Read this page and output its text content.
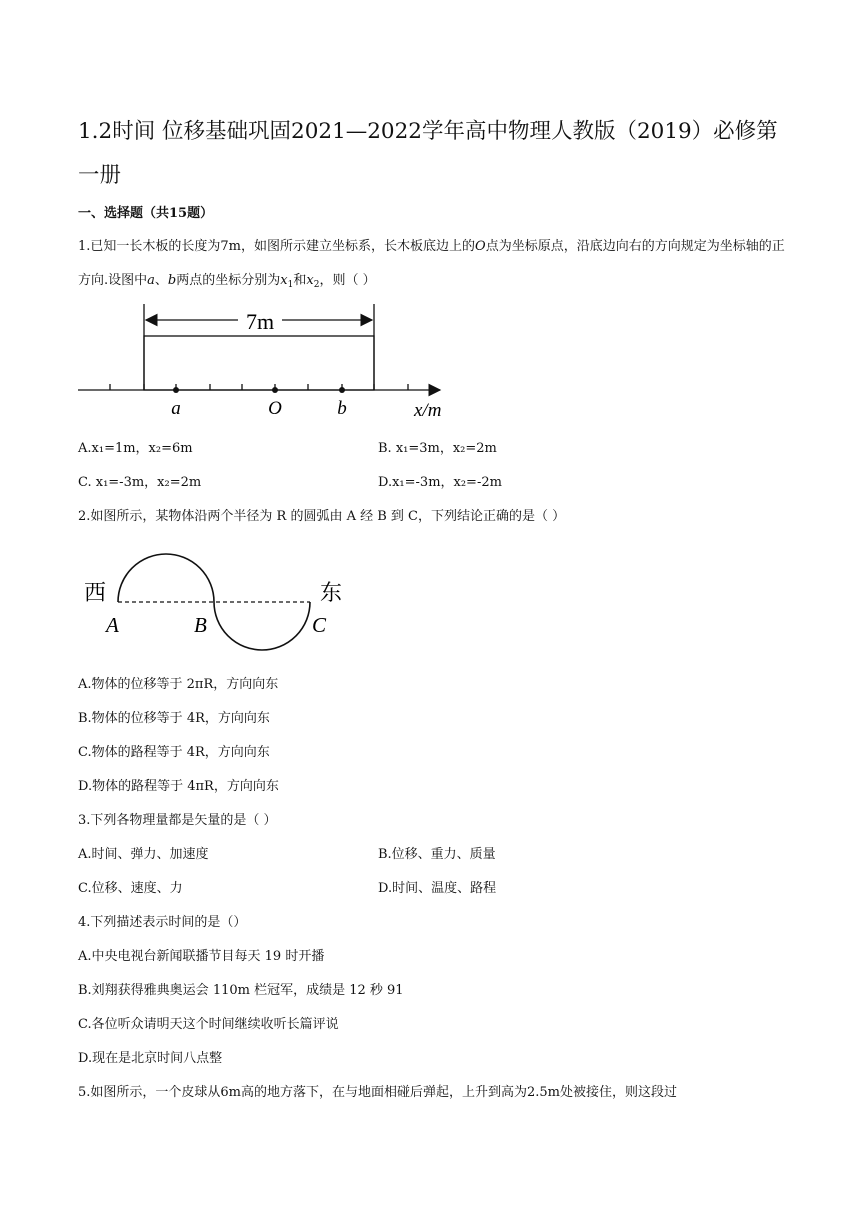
1.2时间 位移基础巩固2021—2022学年高中物理人教版（2019）必修第一册
一、选择题（共15题）
1.已知一长木板的长度为7m，如图所示建立坐标系，长木板底边上的O点为坐标原点，沿底边向右的方向规定为坐标轴的正方向.设图中a、b两点的坐标分别为$x_1$和$x_2$，则（ ）
7m
a	O	b	x/m
A.x₁=1m，x₂=6m	B. x₁=3m，x₂=2m
C. x₁=-3m，x₂=2m	D.x₁=-3m，x₂=-2m
2.如图所示，某物体沿两个半径为 R 的圆弧由 A 经 B 到 C，下列结论正确的是（ ）
西	东
A	B	C
A.物体的位移等于 2πR，方向向东
B.物体的位移等于 4R，方向向东
C.物体的路程等于 4R，方向向东
D.物体的路程等于 4πR，方向向东
3.下列各物理量都是矢量的是（ ）
A.时间、弹力、加速度	B.位移、重力、质量
C.位移、速度、力	D.时间、温度、路程
4.下列描述表示时间的是（）
A.中央电视台新闻联播节目每天 19 时开播
B.刘翔获得雅典奥运会 110m 栏冠军，成绩是 12 秒 91
C.各位听众请明天这个时间继续收听长篇评说
D.现在是北京时间八点整
5.如图所示，一个皮球从6m高的地方落下，在与地面相碰后弹起，上升到高为2.5m处被接住，则这段过
